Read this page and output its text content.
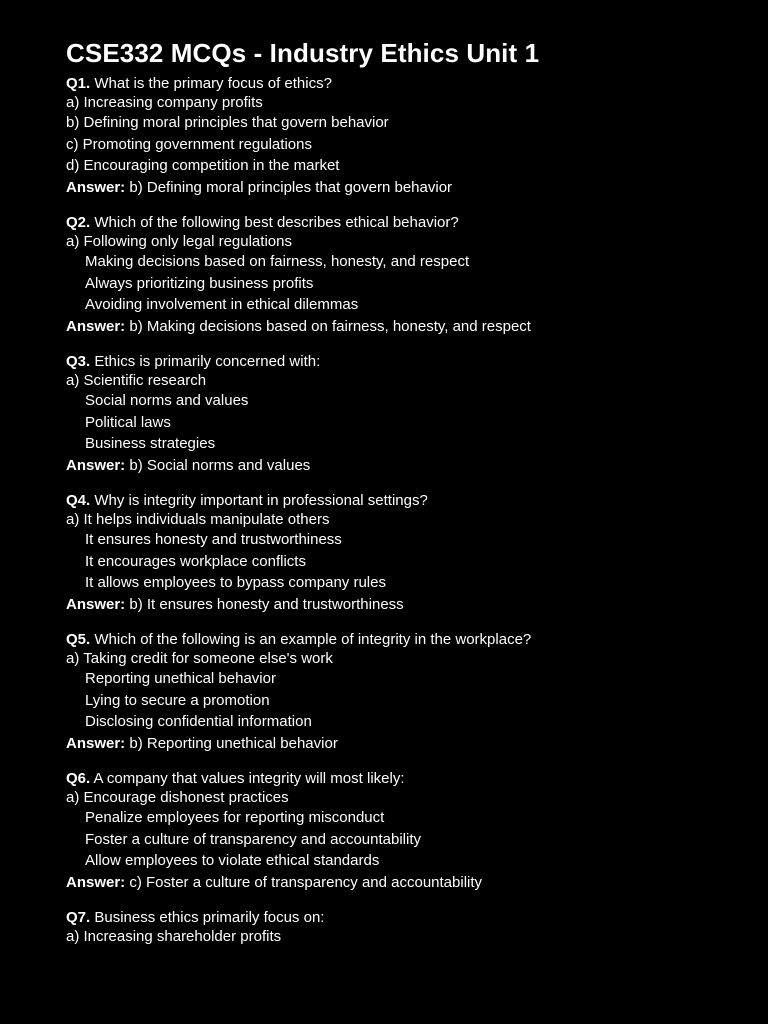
CSE332 MCQs - Industry Ethics Unit 1
Q1. What is the primary focus of ethics?
a) Increasing company profits
b) Defining moral principles that govern behavior
c) Promoting government regulations
d) Encouraging competition in the market
Answer: b) Defining moral principles that govern behavior
Q2. Which of the following best describes ethical behavior?
a) Following only legal regulations
Making decisions based on fairness, honesty, and respect
Always prioritizing business profits
Avoiding involvement in ethical dilemmas
Answer: b) Making decisions based on fairness, honesty, and respect
Q3. Ethics is primarily concerned with:
a) Scientific research
Social norms and values
Political laws
Business strategies
Answer: b) Social norms and values
Q4. Why is integrity important in professional settings?
a) It helps individuals manipulate others
It ensures honesty and trustworthiness
It encourages workplace conflicts
It allows employees to bypass company rules
Answer: b) It ensures honesty and trustworthiness
Q5. Which of the following is an example of integrity in the workplace?
a) Taking credit for someone else's work
Reporting unethical behavior
Lying to secure a promotion
Disclosing confidential information
Answer: b) Reporting unethical behavior
Q6. A company that values integrity will most likely:
a) Encourage dishonest practices
Penalize employees for reporting misconduct
Foster a culture of transparency and accountability
Allow employees to violate ethical standards
Answer: c) Foster a culture of transparency and accountability
Q7. Business ethics primarily focus on:
a) Increasing shareholder profits
